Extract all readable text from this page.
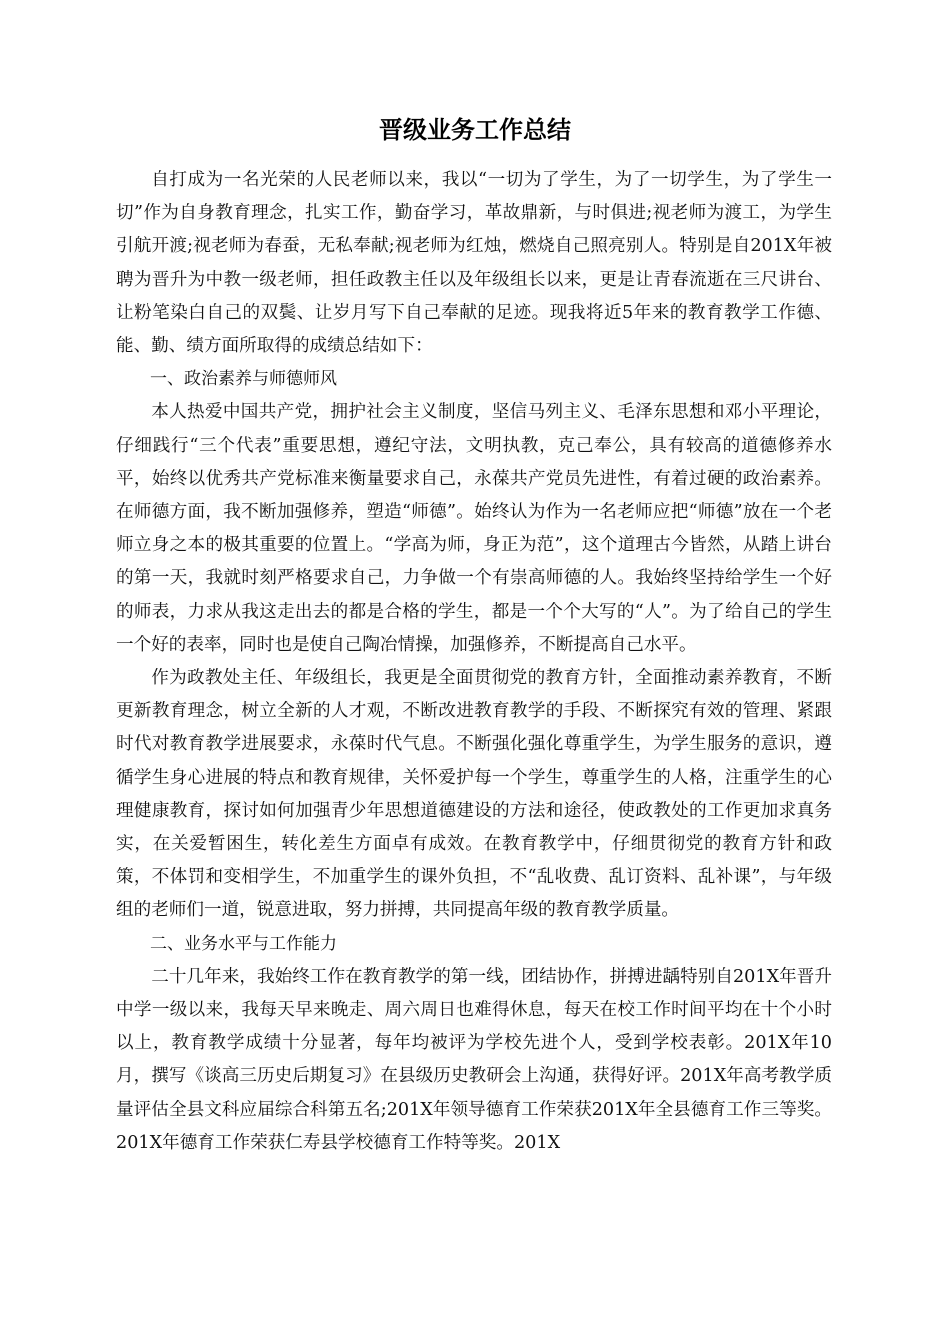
晋级业务工作总结

自打成为一名光荣的人民老师以来，我以“一切为了学生，为了一切学生，为了学生一切”作为自身教育理念，扎实工作，勤奋学习，革故鼎新，与时俱进;视老师为渡工，为学生引航开渡;视老师为春蚕，无私奉献;视老师为红烛，燃烧自己照亮别人。特别是自201X年被聘为晋升为中教一级老师，担任政教主任以及年级组长以来，更是让青春流逝在三尺讲台、让粉笔染白自己的双鬓、让岁月写下自己奉献的足迹。现我将近5年来的教育教学工作德、能、勤、绩方面所取得的成绩总结如下：

一、政治素养与师德师风

本人热爱中国共产党，拥护社会主义制度，坚信马列主义、毛泽东思想和邓小平理论，仔细践行“三个代表”重要思想，遵纪守法，文明执教，克己奉公，具有较高的道德修养水平，始终以优秀共产党标准来衡量要求自己，永葆共产党员先进性，有着过硬的政治素养。在师德方面，我不断加强修养，塑造“师德”。始终认为作为一名老师应把“师德”放在一个老师立身之本的极其重要的位置上。“学高为师，身正为范”，这个道理古今皆然，从踏上讲台的第一天，我就时刻严格要求自己，力争做一个有崇高师德的人。我始终坚持给学生一个好的师表，力求从我这走出去的都是合格的学生，都是一个个大写的“人”。为了给自己的学生一个好的表率，同时也是使自己陶冶情操，加强修养，不断提高自己水平。

作为政教处主任、年级组长，我更是全面贯彻党的教育方针，全面推动素养教育，不断更新教育理念，树立全新的人才观，不断改进教育教学的手段、不断探究有效的管理、紧跟时代对教育教学进展要求，永葆时代气息。不断强化强化尊重学生，为学生服务的意识，遵循学生身心进展的特点和教育规律，关怀爱护每一个学生，尊重学生的人格，注重学生的心理健康教育，探讨如何加强青少年思想道德建设的方法和途径，使政教处的工作更加求真务实，在关爱暂困生，转化差生方面卓有成效。在教育教学中，仔细贯彻党的教育方针和政策，不体罚和变相学生，不加重学生的课外负担，不“乱收费、乱订资料、乱补课”，与年级组的老师们一道，锐意进取，努力拼搏，共同提高年级的教育教学质量。

二、业务水平与工作能力

二十几年来，我始终工作在教育教学的第一线，团结协作，拼搏进龋特别自201X年晋升中学一级以来，我每天早来晚走、周六周日也难得休息，每天在校工作时间平均在十个小时以上，教育教学成绩十分显著，每年均被评为学校先进个人，受到学校表彰。201X年10月，撰写《谈高三历史后期复习》在县级历史教研会上沟通，获得好评。201X年高考教学质量评估全县文科应届综合科第五名;201X年领导德育工作荣获201X年全县德育工作三等奖。201X年德育工作荣获仁寿县学校德育工作特等奖。201X
